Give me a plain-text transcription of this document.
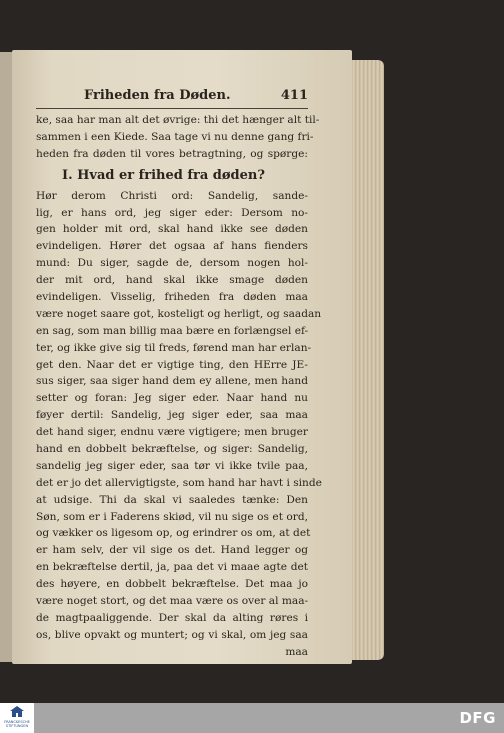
Friheden fra Døden.	411
ke, saa har man alt det øvrige: thi det hænger alt til-
sammen i een Kiede. Saa tage vi nu denne gang fri-
heden fra døden til vores betragtning, og spørge:
I. Hvad er frihed fra døden?
Hør derom Christi ord: Sandelig, sande-
lig, er hans ord, jeg siger eder: Dersom no-
gen holder mit ord, skal hand ikke see døden
evindeligen. Hører det ogsaa af hans fienders
mund: Du siger, sagde de, dersom nogen hol-
der mit ord, hand skal ikke smage døden
evindeligen. Visselig, friheden fra døden maa
være noget saare got, kosteligt og herligt, og saadan
en sag, som man billig maa bære en forlængsel ef-
ter, og ikke give sig til freds, førend man har erlan-
get den. Naar det er vigtige ting, den HErre JE-
sus siger, saa siger hand dem ey allene, men hand
setter og foran: Jeg siger eder. Naar hand nu
føyer dertil: Sandelig, jeg siger eder, saa maa
det hand siger, endnu være vigtigere; men bruger
hand en dobbelt bekræftelse, og siger: Sandelig,
sandelig jeg siger eder, saa tør vi ikke tvile paa,
det er jo det allervigtigste, som hand har havt i sinde
at udsige. Thi da skal vi saaledes tænke: Den
Søn, som er i Faderens skiød, vil nu sige os et ord,
og vækker os ligesom op, og erindrer os om, at det
er ham selv, der vil sige os det. Hand legger og
en bekræftelse dertil, ja, paa det vi maae agte det
des høyere, en dobbelt bekræftelse. Det maa jo
være noget stort, og det maa være os over al maa-
de magtpaaliggende. Der skal da alting røres i
os, blive opvakt og muntert; og vi skal, om jeg saa
maa
FRANCKESCHE STIFTUNGEN	DFG
